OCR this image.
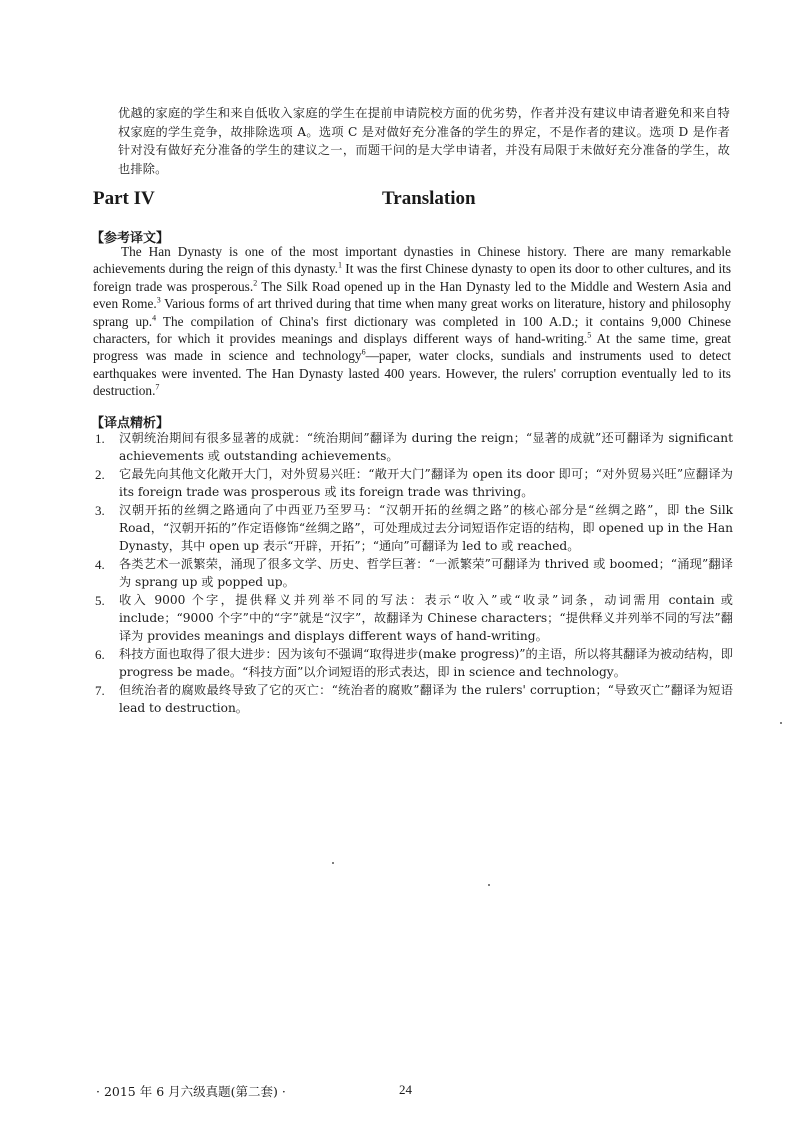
优越的家庭的学生和来自低收入家庭的学生在提前申请院校方面的优劣势，作者并没有建议申请者避免和来自特权家庭的学生竞争，故排除选项 A。选项 C 是对做好充分准备的学生的界定，不是作者的建议。选项 D 是作者针对没有做好充分准备的学生的建议之一，而题干问的是大学申请者，并没有局限于未做好充分准备的学生，故也排除。
Part IV	Translation
【参考译文】

The Han Dynasty is one of the most important dynasties in Chinese history. There are many remarkable achievements during the reign of this dynasty.$^1$ It was the first Chinese dynasty to open its door to other cultures, and its foreign trade was prosperous.$^2$ The Silk Road opened up in the Han Dynasty led to the Middle and Western Asia and even Rome.$^3$ Various forms of art thrived during that time when many great works on literature, history and philosophy sprang up.$^4$ The compilation of China's first dictionary was completed in 100 A.D.; it contains 9,000 Chinese characters, for which it provides meanings and displays different ways of hand-writing.$^5$ At the same time, great progress was made in science and technology$^6$—paper, water clocks, sundials and instruments used to detect earthquakes were invented. The Han Dynasty lasted 400 years. However, the rulers' corruption eventually led to its destruction.$^7$

【译点精析】
1. 汉朝统治期间有很多显著的成就：“统治期间”翻译为 during the reign；“显著的成就”还可翻译为 significant achievements 或 outstanding achievements。
2. 它最先向其他文化敞开大门，对外贸易兴旺：“敞开大门”翻译为 open its door 即可；“对外贸易兴旺”应翻译为 its foreign trade was prosperous 或 its foreign trade was thriving。
3. 汉朝开拓的丝绸之路通向了中西亚乃至罗马：“汉朝开拓的丝绸之路”的核心部分是“丝绸之路”，即 the Silk Road，“汉朝开拓的”作定语修饰“丝绸之路”，可处理成过去分词短语作定语的结构，即 opened up in the Han Dynasty，其中 open up 表示“开辟，开拓”；“通向”可翻译为 led to 或 reached。
4. 各类艺术一派繁荣，涌现了很多文学、历史、哲学巨著：“一派繁荣”可翻译为 thrived 或 boomed；“涌现”翻译为 sprang up 或 popped up。
5. 收入 9000 个字，提供释义并列举不同的写法：表示“收入”或“收录”词条，动词需用 contain 或 include；“9000 个字”中的“字”就是“汉字”，故翻译为 Chinese characters；“提供释义并列举不同的写法”翻译为 provides meanings and displays different ways of hand-writing。
6. 科技方面也取得了很大进步：因为该句不强调“取得进步(make progress)”的主语，所以将其翻译为被动结构，即 progress be made。“科技方面”以介词短语的形式表达，即 in science and technology。
7. 但统治者的腐败最终导致了它的灭亡：“统治者的腐败”翻译为 the rulers' corruption；“导致灭亡”翻译为短语 lead to destruction。
· 2015 年 6 月六级真题(第二套) ·	24
